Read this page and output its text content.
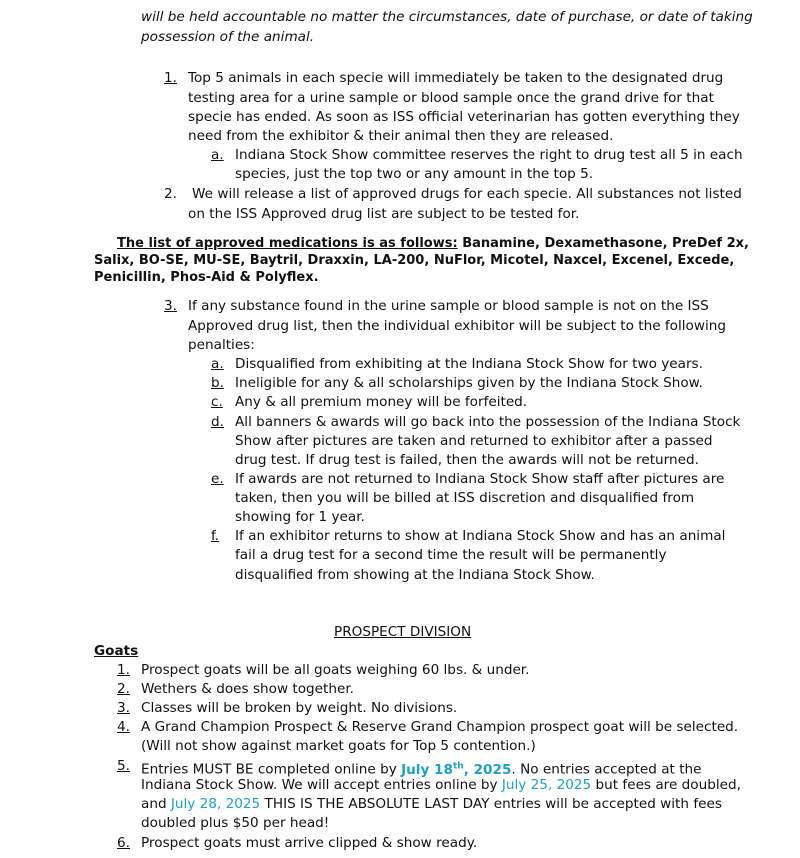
will be held accountable no matter the circumstances, date of purchase, or date of taking
possession of the animal.
1. Top 5 animals in each specie will immediately be taken to the designated drug
testing area for a urine sample or blood sample once the grand drive for that
specie has ended. As soon as ISS official veterinarian has gotten everything they
need from the exhibitor & their animal then they are released.
a. Indiana Stock Show committee reserves the right to drug test all 5 in each
species, just the top two or any amount in the top 5.
2. We will release a list of approved drugs for each specie. All substances not listed
on the ISS Approved drug list are subject to be tested for.
The list of approved medications is as follows: Banamine, Dexamethasone, PreDef 2x,
Salix, BO-SE, MU-SE, Baytril, Draxxin, LA-200, NuFlor, Micotel, Naxcel, Excenel, Excede,
Penicillin, Phos-Aid & Polyflex.
3. If any substance found in the urine sample or blood sample is not on the ISS
Approved drug list, then the individual exhibitor will be subject to the following
penalties:
a. Disqualified from exhibiting at the Indiana Stock Show for two years.
b. Ineligible for any & all scholarships given by the Indiana Stock Show.
c. Any & all premium money will be forfeited.
d. All banners & awards will go back into the possession of the Indiana Stock
Show after pictures are taken and returned to exhibitor after a passed
drug test. If drug test is failed, then the awards will not be returned.
e. If awards are not returned to Indiana Stock Show staff after pictures are
taken, then you will be billed at ISS discretion and disqualified from
showing for 1 year.
f. If an exhibitor returns to show at Indiana Stock Show and has an animal
fail a drug test for a second time the result will be permanently
disqualified from showing at the Indiana Stock Show.
PROSPECT DIVISION
Goats
1. Prospect goats will be all goats weighing 60 lbs. & under.
2. Wethers & does show together.
3. Classes will be broken by weight. No divisions.
4. A Grand Champion Prospect & Reserve Grand Champion prospect goat will be selected.
(Will not show against market goats for Top 5 contention.)
5. Entries MUST BE completed online by July 18th, 2025. No entries accepted at the
Indiana Stock Show. We will accept entries online by July 25, 2025 but fees are doubled,
and July 28, 2025 THIS IS THE ABSOLUTE LAST DAY entries will be accepted with fees
doubled plus $50 per head!
6. Prospect goats must arrive clipped & show ready.
